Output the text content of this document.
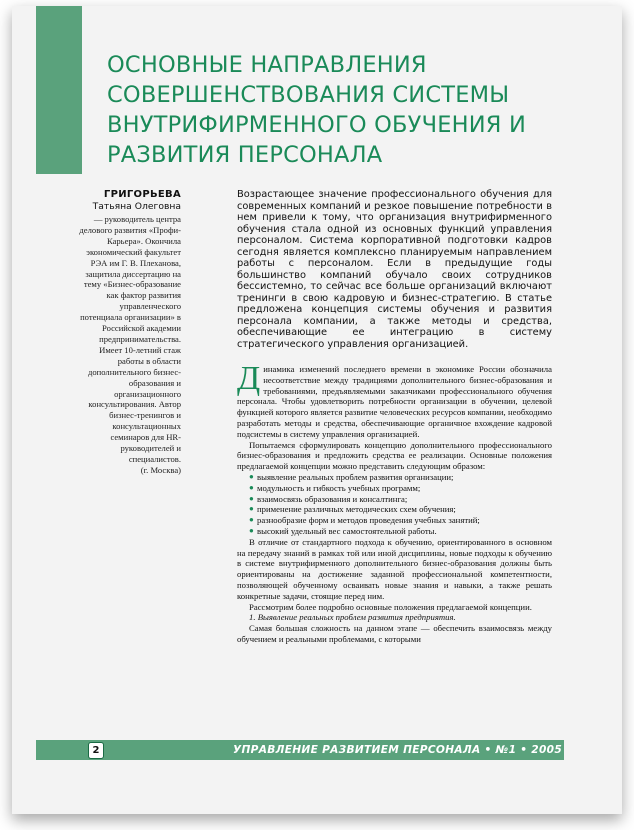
ОСНОВНЫЕ НАПРАВЛЕНИЯ СОВЕРШЕНСТВОВАНИЯ СИСТЕМЫ ВНУТРИФИРМЕННОГО ОБУЧЕНИЯ И РАЗВИТИЯ ПЕРСОНАЛА
ГРИГОРЬЕВА
Татьяна Олеговна
— руководитель центра делового развития «Профи-Карьера». Окончила экономический факультет РЭА им Г. В. Плеханова, защитила диссертацию на тему «Бизнес-образование как фактор развития управленческого потенциала организации» в Российской академии предпринимательства. Имеет 10-летний стаж работы в области дополнительного бизнес-образования и организационного консультирования. Автор бизнес-тренингов и консультационных семинаров для HR-руководителей и специалистов.
(г. Москва)

Возрастающее значение профессионального обучения для современных компаний и резкое повышение потребности в нем привели к тому, что организация внутрифирменного обучения стала одной из основных функций управления персоналом. Система корпоративной подготовки кадров сегодня является комплексно планируемым направлением работы с персоналом. Если в предыдущие годы большинство компаний обучало своих сотрудников бессистемно, то сейчас все больше организаций включают тренинги в свою кадровую и бизнес-стратегию. В статье предложена концепция системы обучения и развития персонала компании, а также методы и средства, обеспечивающие ее интеграцию в систему стратегического управления организацией.

Динамика изменений последнего времени в экономике России обозначила несоответствие между традициями дополнительного бизнес-образования и требованиями, предъявляемыми заказчиками профессионального обучения персонала. Чтобы удовлетворить потребности организации в обучении, целевой функцией которого является развитие человеческих ресурсов компании, необходимо разработать методы и средства, обеспечивающие органичное вхождение кадровой подсистемы в систему управления организацией.

Попытаемся сформулировать концепцию дополнительного профессионального бизнес-образования и предложить средства ее реализации. Основные положения предлагаемой концепции можно представить следующим образом:

● выявление реальных проблем развития организации;
● модульность и гибкость учебных программ;
● взаимосвязь образования и консалтинга;
● применение различных методических схем обучения;
● разнообразие форм и методов проведения учебных занятий;
● высокий удельный вес самостоятельной работы.

В отличие от стандартного подхода к обучению, ориентированного в основном на передачу знаний в рамках той или иной дисциплины, новые подходы к обучению в системе внутрифирменного дополнительного бизнес-образования должны быть ориентированы на достижение заданной профессиональной компетентности, позволяющей обученному осваивать новые знания и навыки, а также решать конкретные задачи, стоящие перед ним.

Рассмотрим более подробно основные положения предлагаемой концепции.

1. Выявление реальных проблем развития предприятия.

Самая большая сложность на данном этапе — обеспечить взаимосвязь между обучением и реальными проблемами, с которыми

2	УПРАВЛЕНИЕ РАЗВИТИЕМ ПЕРСОНАЛА • №1 • 2005
